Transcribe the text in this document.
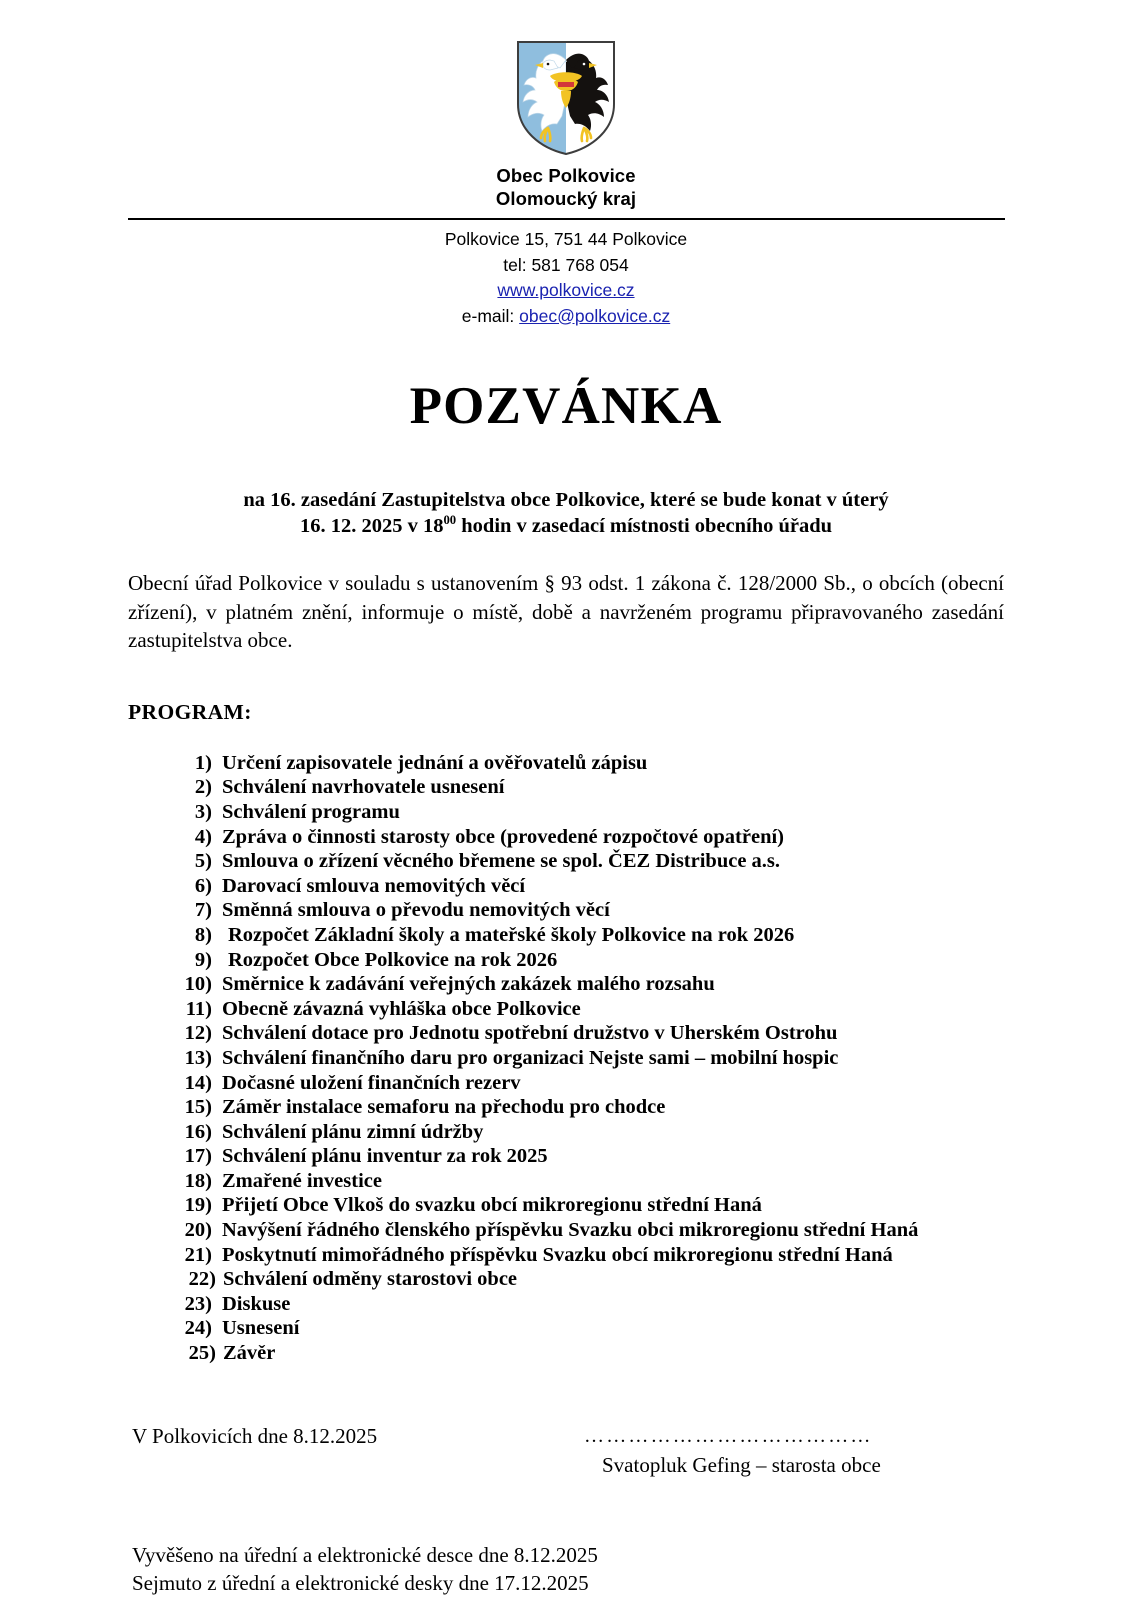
Obec Polkovice
Olomoucký kraj
Polkovice 15, 751 44 Polkovice
tel: 581 768 054
www.polkovice.cz
e-mail: obec@polkovice.cz
POZVÁNKA
na 16. zasedání Zastupitelstva obce Polkovice, které se bude konat v úterý
16. 12. 2025 v $18^{00}$ hodin v zasedací místnosti obecního úřadu

Obecní úřad Polkovice v souladu s ustanovením § 93 odst. 1 zákona č. 128/2000 Sb., o obcích (obecní zřízení), v platném znění, informuje o místě, době a navrženém programu připravovaného zasedání zastupitelstva obce.

PROGRAM:
1) Určení zapisovatele jednání a ověřovatelů zápisu
2) Schválení navrhovatele usnesení
3) Schválení programu
4) Zpráva o činnosti starosty obce (provedené rozpočtové opatření)
5) Smlouva o zřízení věcného břemene se spol. ČEZ Distribuce a.s.
6) Darovací smlouva nemovitých věcí
7) Směnná smlouva o převodu nemovitých věcí
8) Rozpočet Základní školy a mateřské školy Polkovice na rok 2026
9) Rozpočet Obce Polkovice na rok 2026
10) Směrnice k zadávání veřejných zakázek malého rozsahu
11) Obecně závazná vyhláška obce Polkovice
12) Schválení dotace pro Jednotu spotřební družstvo v Uherském Ostrohu
13) Schválení finančního daru pro organizaci Nejste sami – mobilní hospic
14) Dočasné uložení finančních rezerv
15) Záměr instalace semaforu na přechodu pro chodce
16) Schválení plánu zimní údržby
17) Schválení plánu inventur za rok 2025
18) Zmařené investice
19) Přijetí Obce Vlkoš do svazku obcí mikroregionu střední Haná
20) Navýšení řádného členského příspěvku Svazku obci mikroregionu střední Haná
21) Poskytnutí mimořádného příspěvku Svazku obcí mikroregionu střední Haná
22) Schválení odměny starostovi obce
23) Diskuse
24) Usnesení
25) Závěr
V Polkovicích dne 8.12.2025	…………………………………
Svatopluk Gefing – starosta obce
Vyvěšeno na úřední a elektronické desce dne 8.12.2025
Sejmuto z úřední a elektronické desky dne 17.12.2025
